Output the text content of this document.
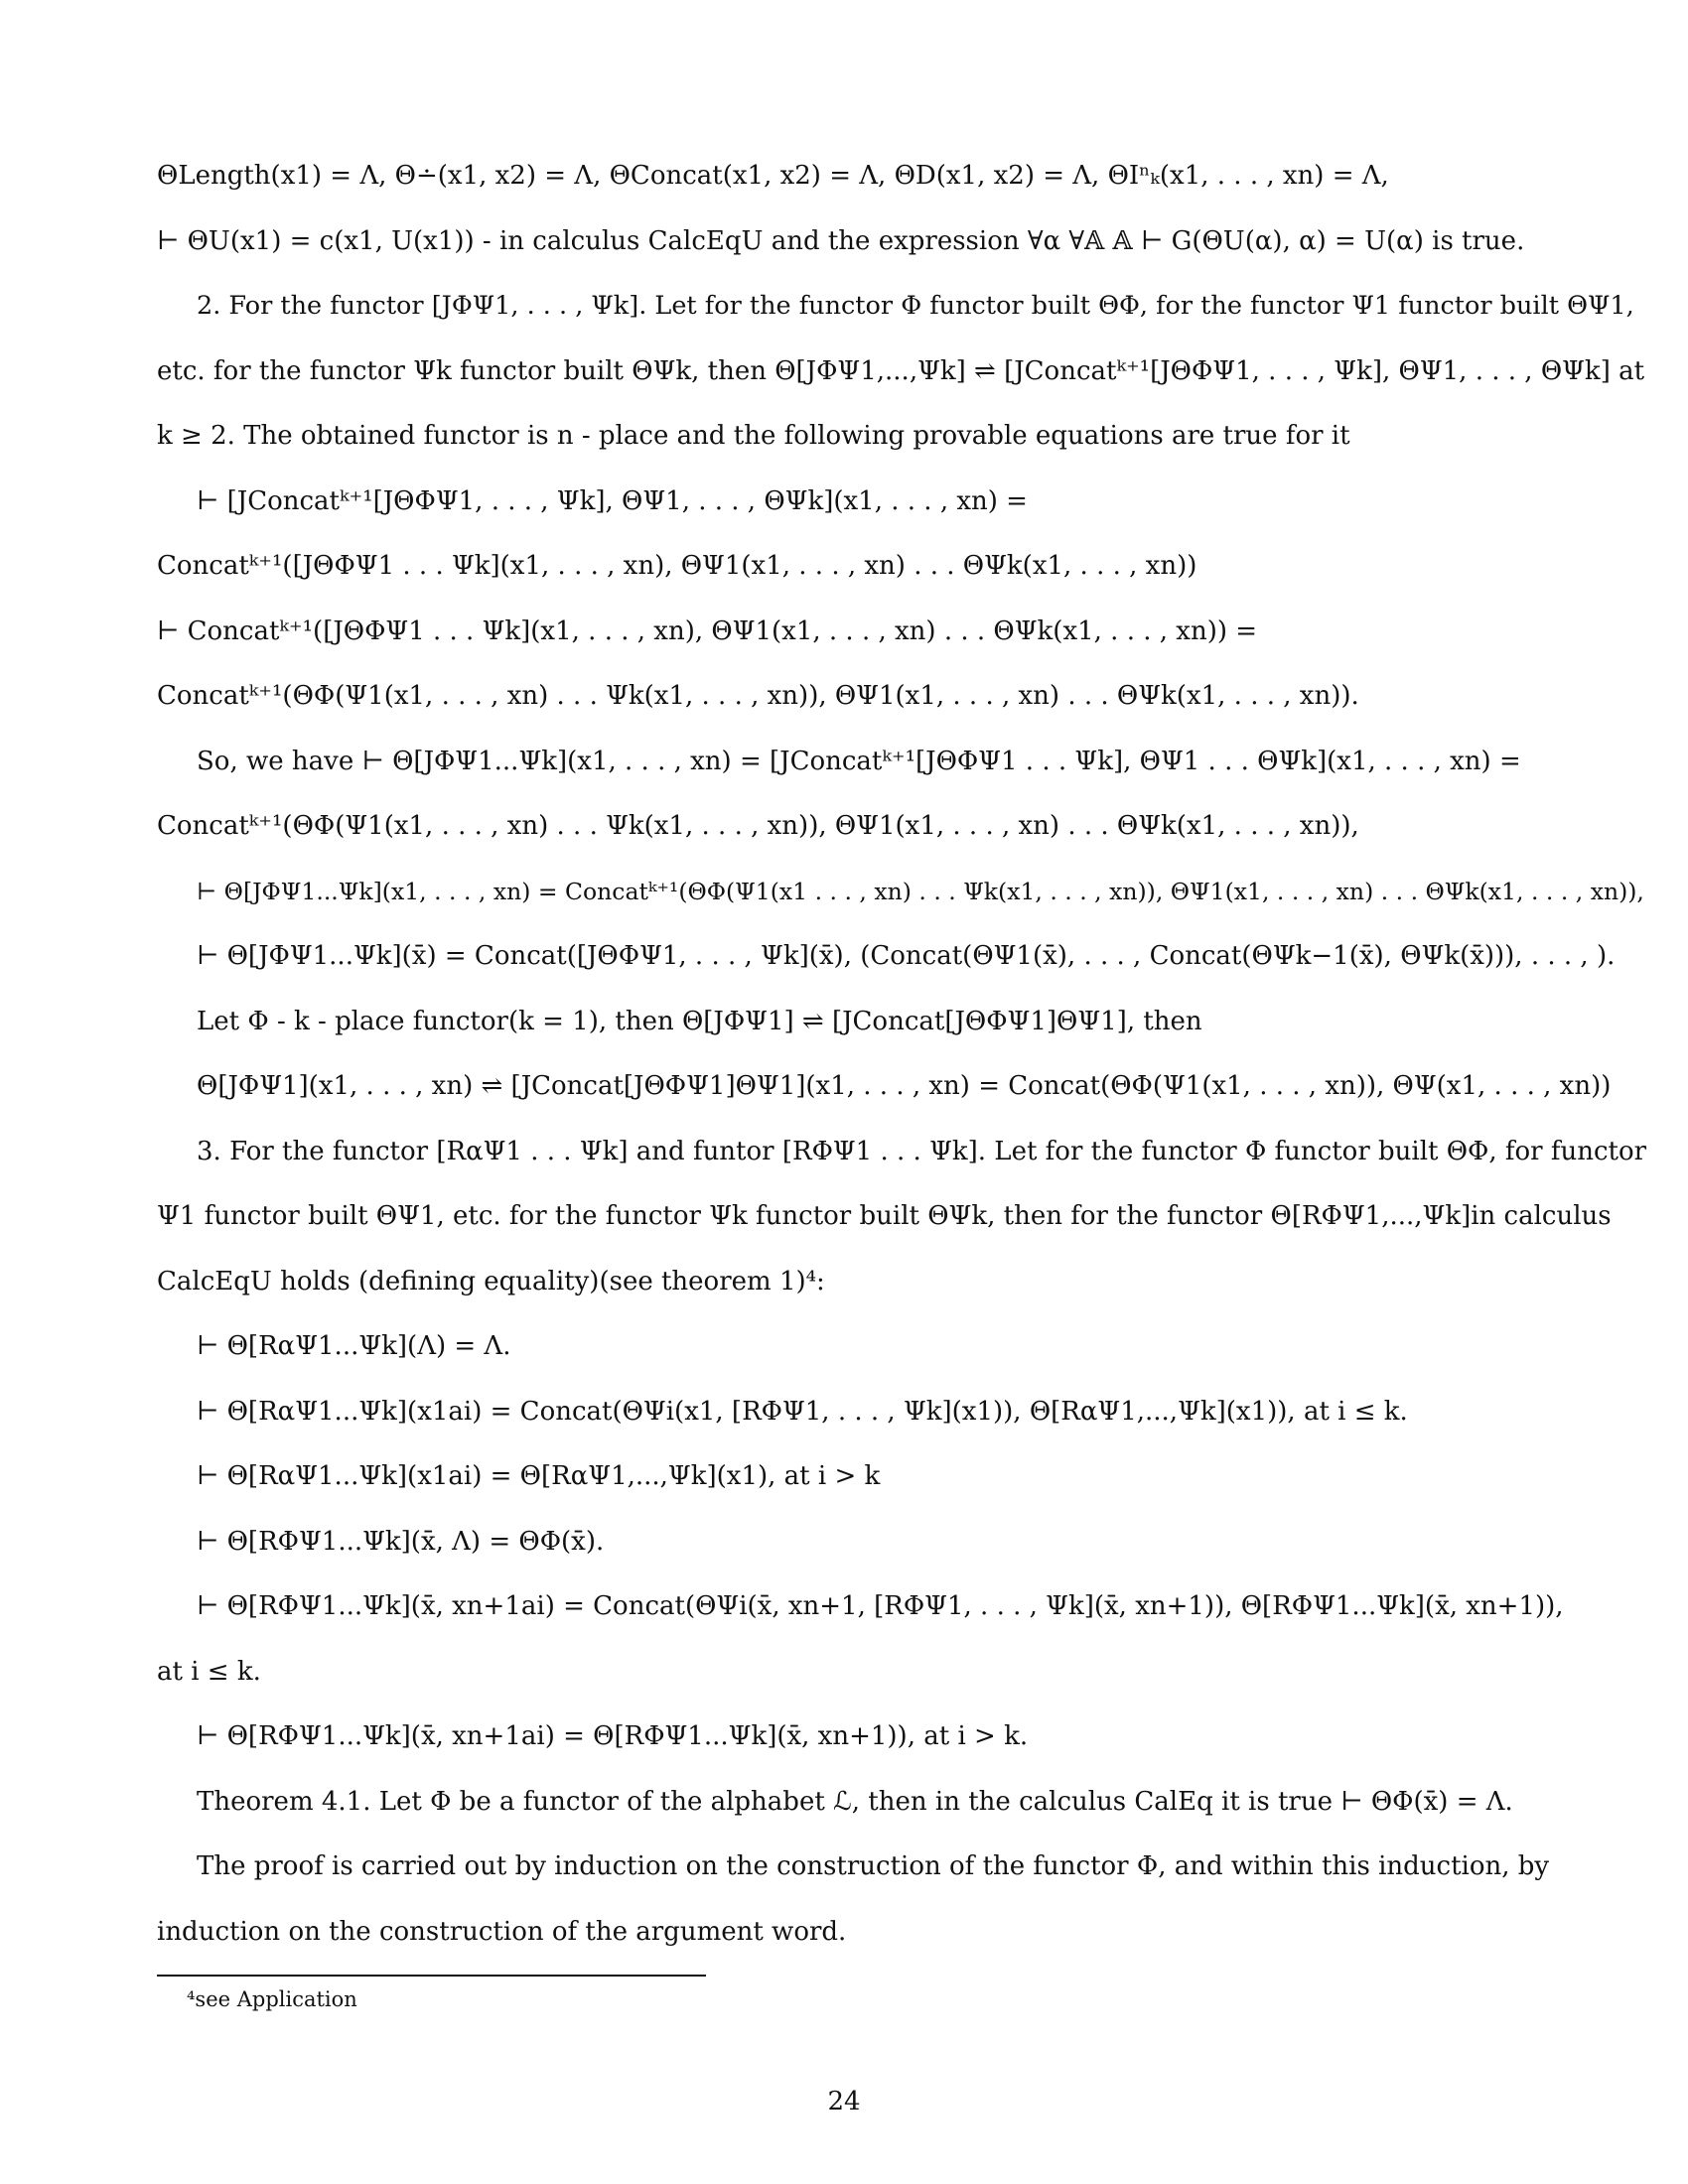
ΘLength(x1) = Λ, Θ∸(x1, x2) = Λ, ΘConcat(x1, x2) = Λ, ΘD(x1, x2) = Λ, ΘIⁿₖ(x1, . . . , xn) = Λ,
⊢ ΘU(x1) = c(x1, U(x1)) - in calculus CalcEqU and the expression ∀α ∀𝔸 𝔸 ⊢ G(ΘU(α), α) = U(α) is true.
2. For the functor [JΦΨ1, . . . , Ψk]. Let for the functor Φ functor built ΘΦ, for the functor Ψ1 functor built ΘΨ1,
etc. for the functor Ψk functor built ΘΨk, then Θ[JΦΨ1,...,Ψk] ⇌ [JConcatᵏ⁺¹[JΘΦΨ1, . . . , Ψk], ΘΨ1, . . . , ΘΨk] at
k ≥ 2. The obtained functor is n - place and the following provable equations are true for it
⊢ [JConcatᵏ⁺¹[JΘΦΨ1, . . . , Ψk], ΘΨ1, . . . , ΘΨk](x1, . . . , xn) =
Concatᵏ⁺¹([JΘΦΨ1 . . . Ψk](x1, . . . , xn), ΘΨ1(x1, . . . , xn) . . . ΘΨk(x1, . . . , xn))
⊢ Concatᵏ⁺¹([JΘΦΨ1 . . . Ψk](x1, . . . , xn), ΘΨ1(x1, . . . , xn) . . . ΘΨk(x1, . . . , xn)) =
Concatᵏ⁺¹(ΘΦ(Ψ1(x1, . . . , xn) . . . Ψk(x1, . . . , xn)), ΘΨ1(x1, . . . , xn) . . . ΘΨk(x1, . . . , xn)).
So, we have ⊢ Θ[JΦΨ1...Ψk](x1, . . . , xn) = [JConcatᵏ⁺¹[JΘΦΨ1 . . . Ψk], ΘΨ1 . . . ΘΨk](x1, . . . , xn) =
Concatᵏ⁺¹(ΘΦ(Ψ1(x1, . . . , xn) . . . Ψk(x1, . . . , xn)), ΘΨ1(x1, . . . , xn) . . . ΘΨk(x1, . . . , xn)),
⊢ Θ[JΦΨ1...Ψk](x1, . . . , xn) = Concatᵏ⁺¹(ΘΦ(Ψ1(x1 . . . , xn) . . . Ψk(x1, . . . , xn)), ΘΨ1(x1, . . . , xn) . . . ΘΨk(x1, . . . , xn)),
⊢ Θ[JΦΨ1...Ψk](x̄) = Concat([JΘΦΨ1, . . . , Ψk](x̄), (Concat(ΘΨ1(x̄), . . . , Concat(ΘΨk−1(x̄), ΘΨk(x̄))), . . . , ).
Let Φ - k - place functor(k = 1), then Θ[JΦΨ1] ⇌ [JConcat[JΘΦΨ1]ΘΨ1], then
Θ[JΦΨ1](x1, . . . , xn) ⇌ [JConcat[JΘΦΨ1]ΘΨ1](x1, . . . , xn) = Concat(ΘΦ(Ψ1(x1, . . . , xn)), ΘΨ(x1, . . . , xn))
3. For the functor [RαΨ1 . . . Ψk] and funtor [RΦΨ1 . . . Ψk]. Let for the functor Φ functor built ΘΦ, for functor
Ψ1 functor built ΘΨ1, etc. for the functor Ψk functor built ΘΨk, then for the functor Θ[RΦΨ1,...,Ψk]in calculus
CalcEqU holds (defining equality)(see theorem 1)⁴:
⊢ Θ[RαΨ1...Ψk](Λ) = Λ.
⊢ Θ[RαΨ1...Ψk](x1ai) = Concat(ΘΨi(x1, [RΦΨ1, . . . , Ψk](x1)), Θ[RαΨ1,...,Ψk](x1)), at i ≤ k.
⊢ Θ[RαΨ1...Ψk](x1ai) = Θ[RαΨ1,...,Ψk](x1), at i > k
⊢ Θ[RΦΨ1...Ψk](x̄, Λ) = ΘΦ(x̄).
⊢ Θ[RΦΨ1...Ψk](x̄, xn+1ai) = Concat(ΘΨi(x̄, xn+1, [RΦΨ1, . . . , Ψk](x̄, xn+1)), Θ[RΦΨ1...Ψk](x̄, xn+1)),
at i ≤ k.
⊢ Θ[RΦΨ1...Ψk](x̄, xn+1ai) = Θ[RΦΨ1...Ψk](x̄, xn+1)), at i > k.
Theorem 4.1. Let Φ be a functor of the alphabet ℒ, then in the calculus CalEq it is true ⊢ ΘΦ(x̄) = Λ.
The proof is carried out by induction on the construction of the functor Φ, and within this induction, by
induction on the construction of the argument word.
⁴see Application
24
